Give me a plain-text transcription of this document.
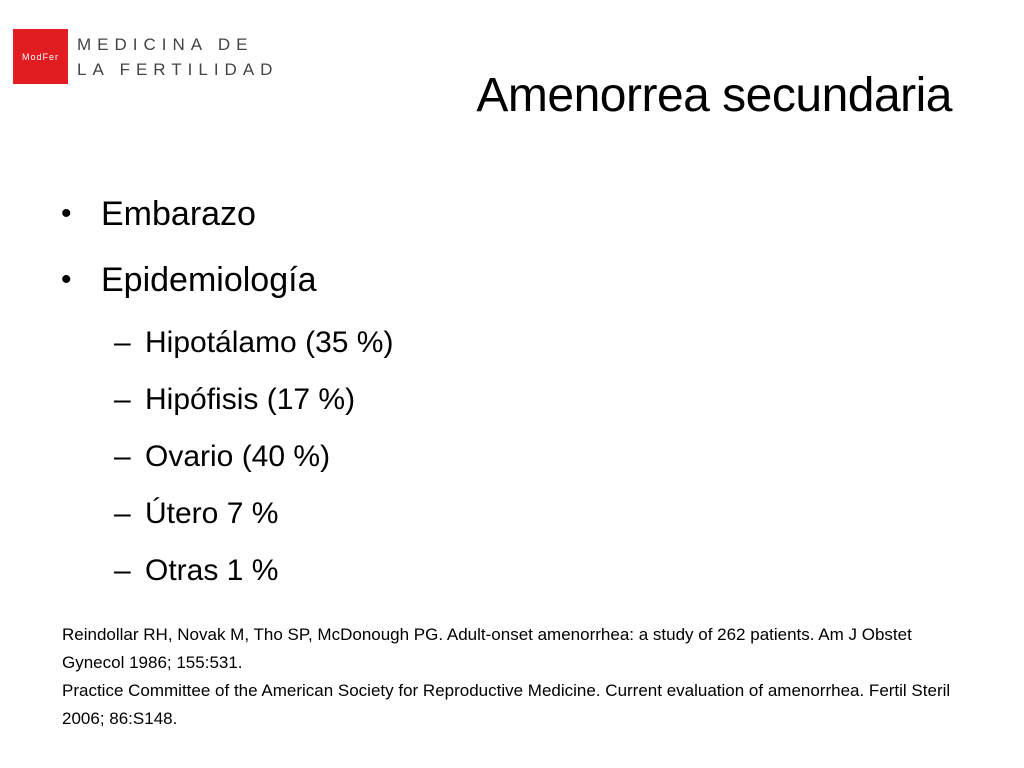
ModFer
MEDICINA DE
LA FERTILIDAD	Amenorrea secundaria
• Embarazo
• Epidemiología
– Hipotálamo (35 %)
– Hipófisis (17 %)
– Ovario (40 %)
– Útero 7 %
– Otras 1 %

Reindollar RH, Novak M, Tho SP, McDonough PG. Adult-onset amenorrhea: a study of 262 patients. Am J Obstet Gynecol 1986; 155:531.

Practice Committee of the American Society for Reproductive Medicine. Current evaluation of amenorrhea. Fertil Steril 2006; 86:S148.
